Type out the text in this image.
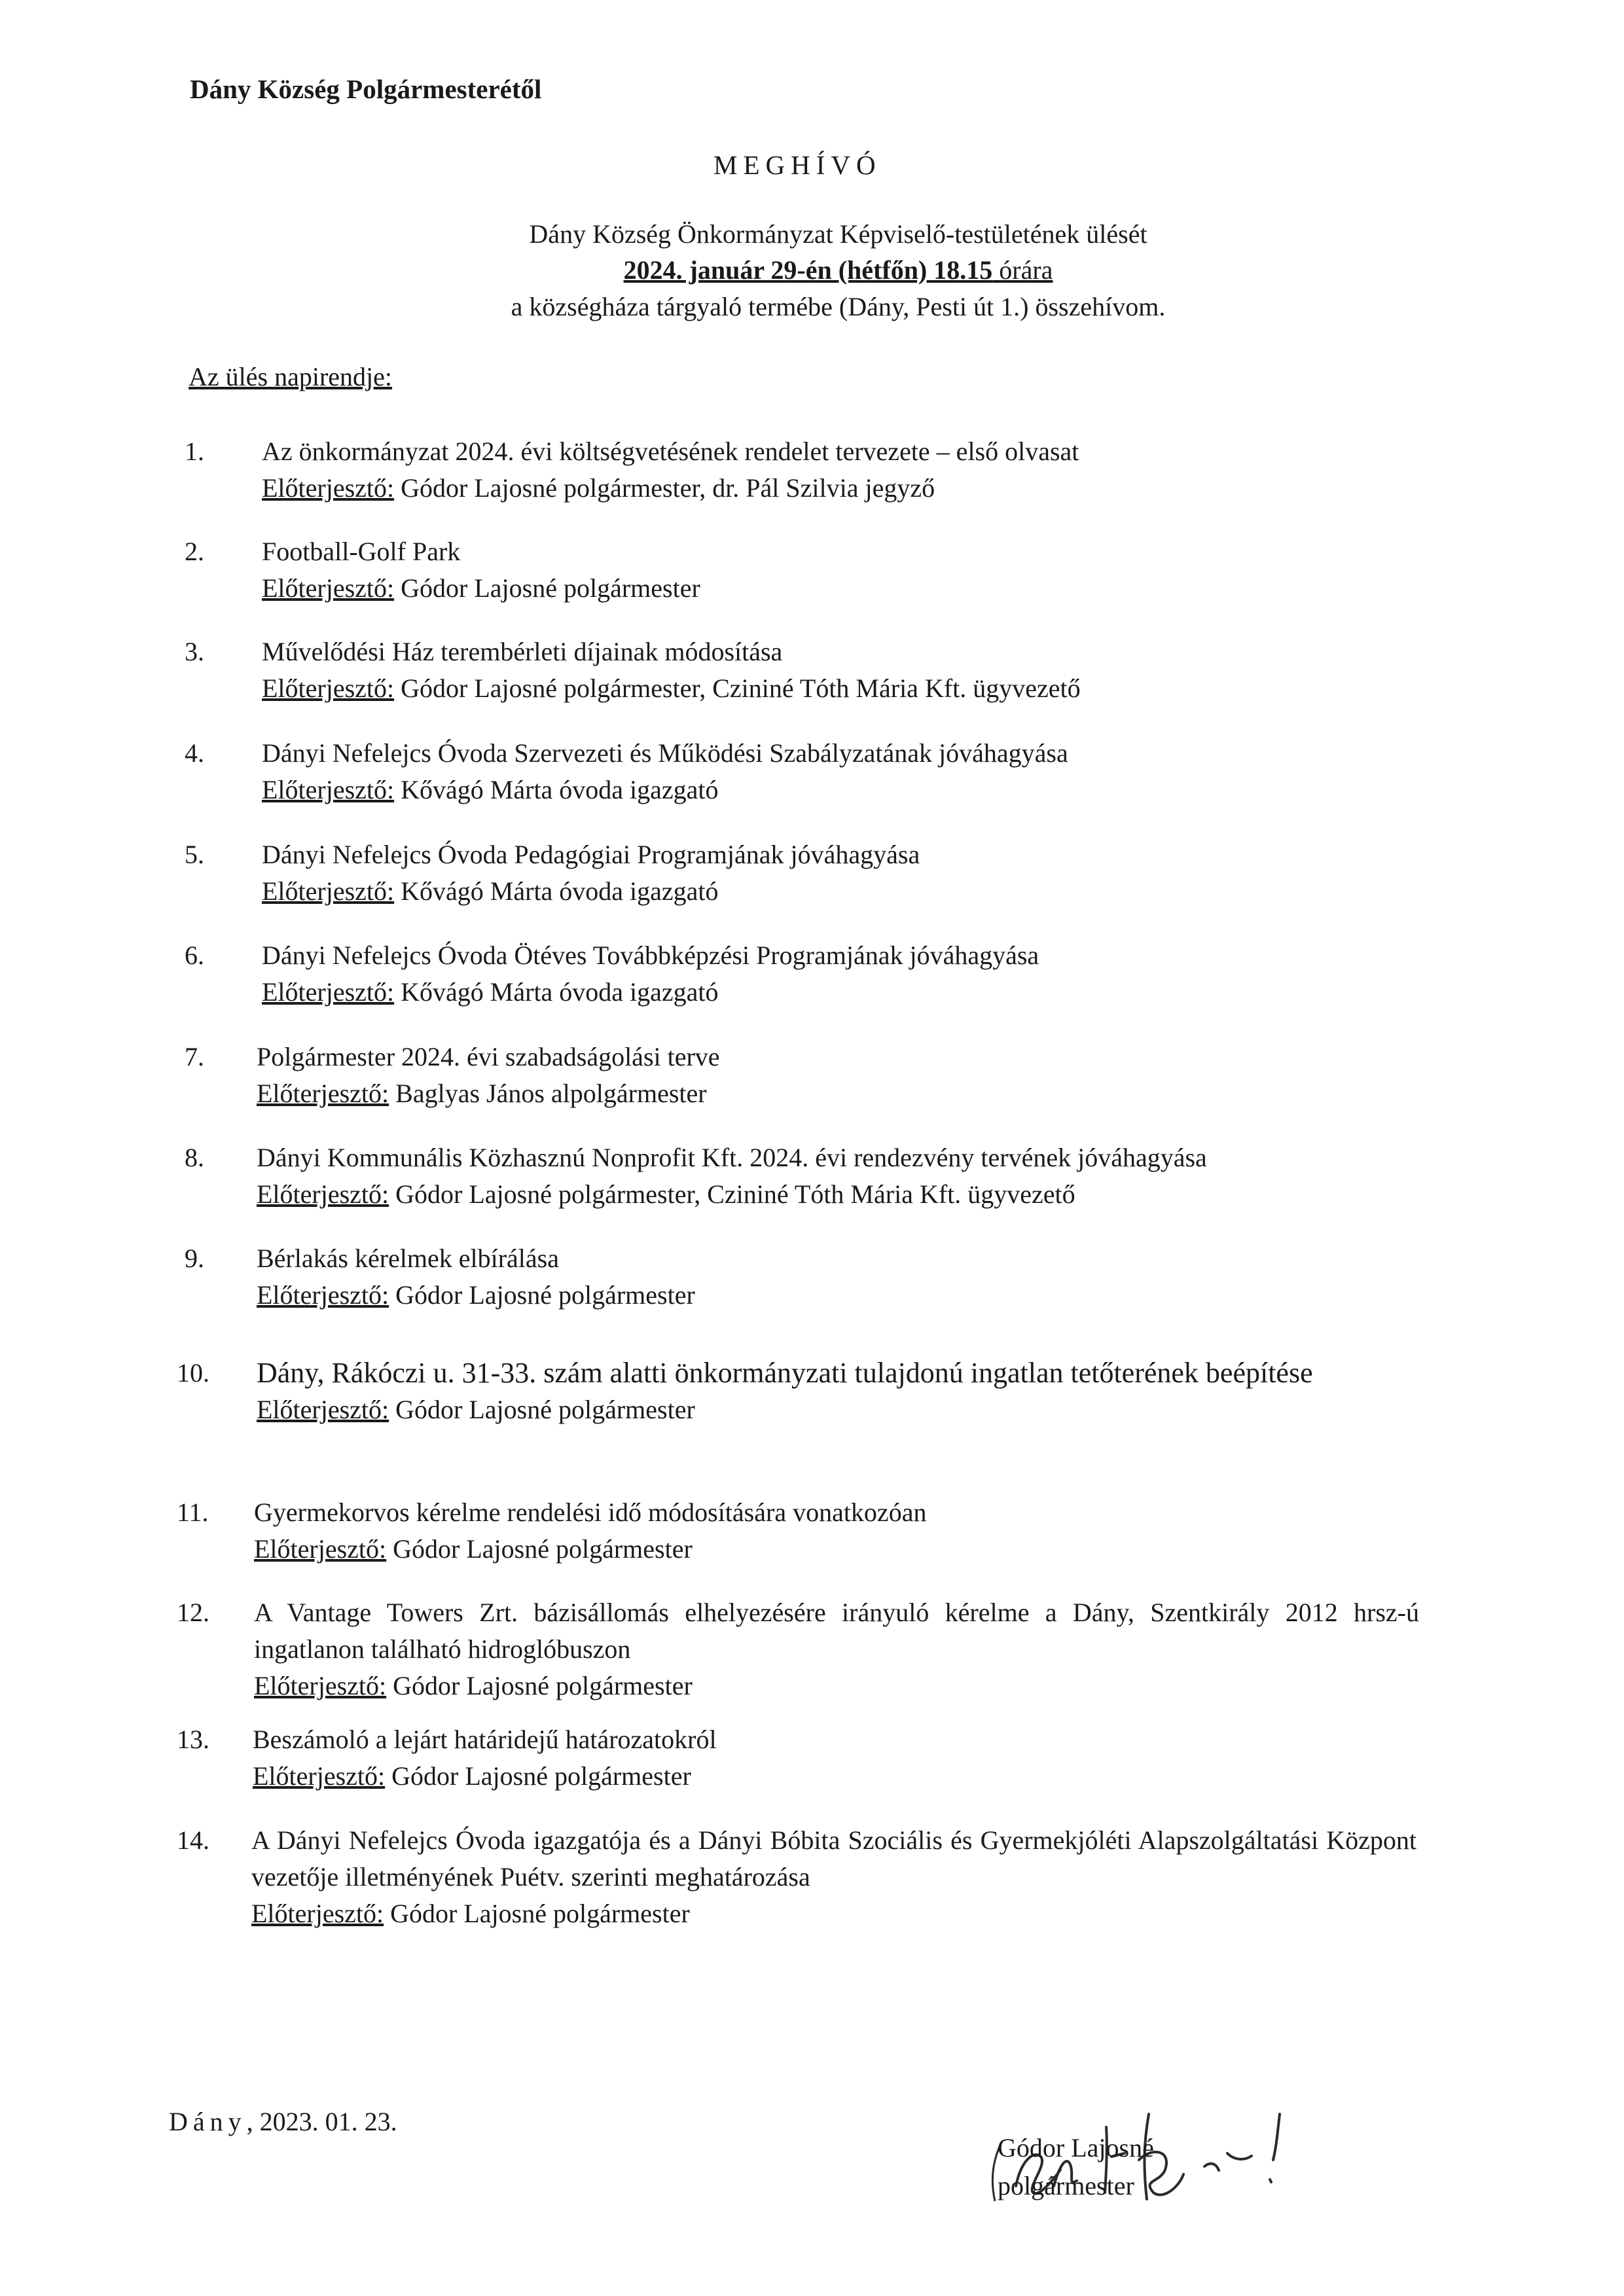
Dány Község Polgármesterétől
MEGHÍVÓ
Dány Község Önkormányzat Képviselő-testületének ülését
2024. január 29-én (hétfőn) 18.15 órára
a községháza tárgyaló termébe (Dány, Pesti út 1.) összehívom.
Az ülés napirendje:
1. Az önkormányzat 2024. évi költségvetésének rendelet tervezete – első olvasat
Előterjesztő: Gódor Lajosné polgármester, dr. Pál Szilvia jegyző
2. Football-Golf Park
Előterjesztő: Gódor Lajosné polgármester
3. Művelődési Ház terembérleti díjainak módosítása
Előterjesztő: Gódor Lajosné polgármester, Czininé Tóth Mária Kft. ügyvezető
4. Dányi Nefelejcs Óvoda Szervezeti és Működési Szabályzatának jóváhagyása
Előterjesztő: Kővágó Márta óvoda igazgató
5. Dányi Nefelejcs Óvoda Pedagógiai Programjának jóváhagyása
Előterjesztő: Kővágó Márta óvoda igazgató
6. Dányi Nefelejcs Óvoda Ötéves Továbbképzési Programjának jóváhagyása
Előterjesztő: Kővágó Márta óvoda igazgató
7. Polgármester 2024. évi szabadságolási terve
Előterjesztő: Baglyas János alpolgármester
8. Dányi Kommunális Közhasznú Nonprofit Kft. 2024. évi rendezvény tervének jóváhagyása
Előterjesztő: Gódor Lajosné polgármester, Czininé Tóth Mária Kft. ügyvezető
9. Bérlakás kérelmek elbírálása
Előterjesztő: Gódor Lajosné polgármester
10. Dány, Rákóczi u. 31-33. szám alatti önkormányzati tulajdonú ingatlan tetőterének beépítése
Előterjesztő: Gódor Lajosné polgármester
11. Gyermekorvos kérelme rendelési idő módosítására vonatkozóan
Előterjesztő: Gódor Lajosné polgármester
12. A Vantage Towers Zrt. bázisállomás elhelyezésére irányuló kérelme a Dány, Szentkirály 2012 hrsz-ú ingatlanon található hidroglóbuszon
Előterjesztő: Gódor Lajosné polgármester
13. Beszámoló a lejárt határidejű határozatokról
Előterjesztő: Gódor Lajosné polgármester
14. A Dányi Nefelejcs Óvoda igazgatója és a Dányi Bóbita Szociális és Gyermekjóléti Alapszolgáltatási Központ vezetője illetményének Puétv. szerinti meghatározása
Előterjesztő: Gódor Lajosné polgármester
Dány, 2023. 01. 23.
Gódor Lajosné
polgármester
